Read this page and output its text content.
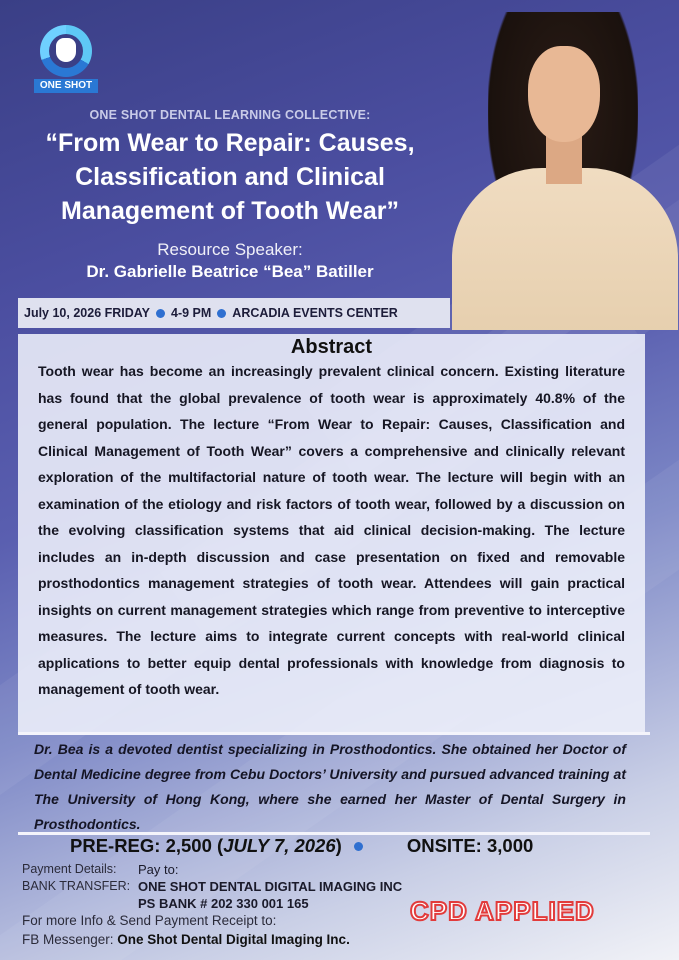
ONE SHOT
ONE SHOT DENTAL LEARNING COLLECTIVE:
“From Wear to Repair: Causes,
Classification and Clinical
Management of Tooth Wear”
Resource Speaker:
Dr. Gabrielle Beatrice “Bea” Batiller
July 10, 2026 FRIDAY 4-9 PM ARCADIA EVENTS CENTER
Abstract
Tooth wear has become an increasingly prevalent clinical concern. Existing literature has found that the global prevalence of tooth wear is approximately 40.8% of the general population. The lecture “From Wear to Repair: Causes, Classification and Clinical Management of Tooth Wear” covers a comprehensive and clinically relevant exploration of the multifactorial nature of tooth wear. The lecture will begin with an examination of the etiology and risk factors of tooth wear, followed by a discussion on the evolving classification systems that aid clinical decision-making. The lecture includes an in-depth discussion and case presentation on fixed and removable prosthodontics management strategies of tooth wear. Attendees will gain practical insights on current management strategies which range from preventive to interceptive measures. The lecture aims to integrate current concepts with real-world clinical applications to better equip dental professionals with knowledge from diagnosis to management of tooth wear.
Dr. Bea is a devoted dentist specializing in Prosthodontics. She obtained her Doctor of Dental Medicine degree from Cebu Doctors’ University and pursued advanced training at The University of Hong Kong, where she earned her Master of Dental Surgery in Prosthodontics.
PRE-REG: 2,500 ( JULY 7, 2026 )	ONSITE: 3,000
Payment Details: Pay to:
BANK TRANSFER: ONE SHOT DENTAL DIGITAL IMAGING INC
PS BANK # 202 330 001 165	CPD APPLIED
For more Info & Send Payment Receipt to:
FB Messenger: One Shot Dental Digital Imaging Inc.
